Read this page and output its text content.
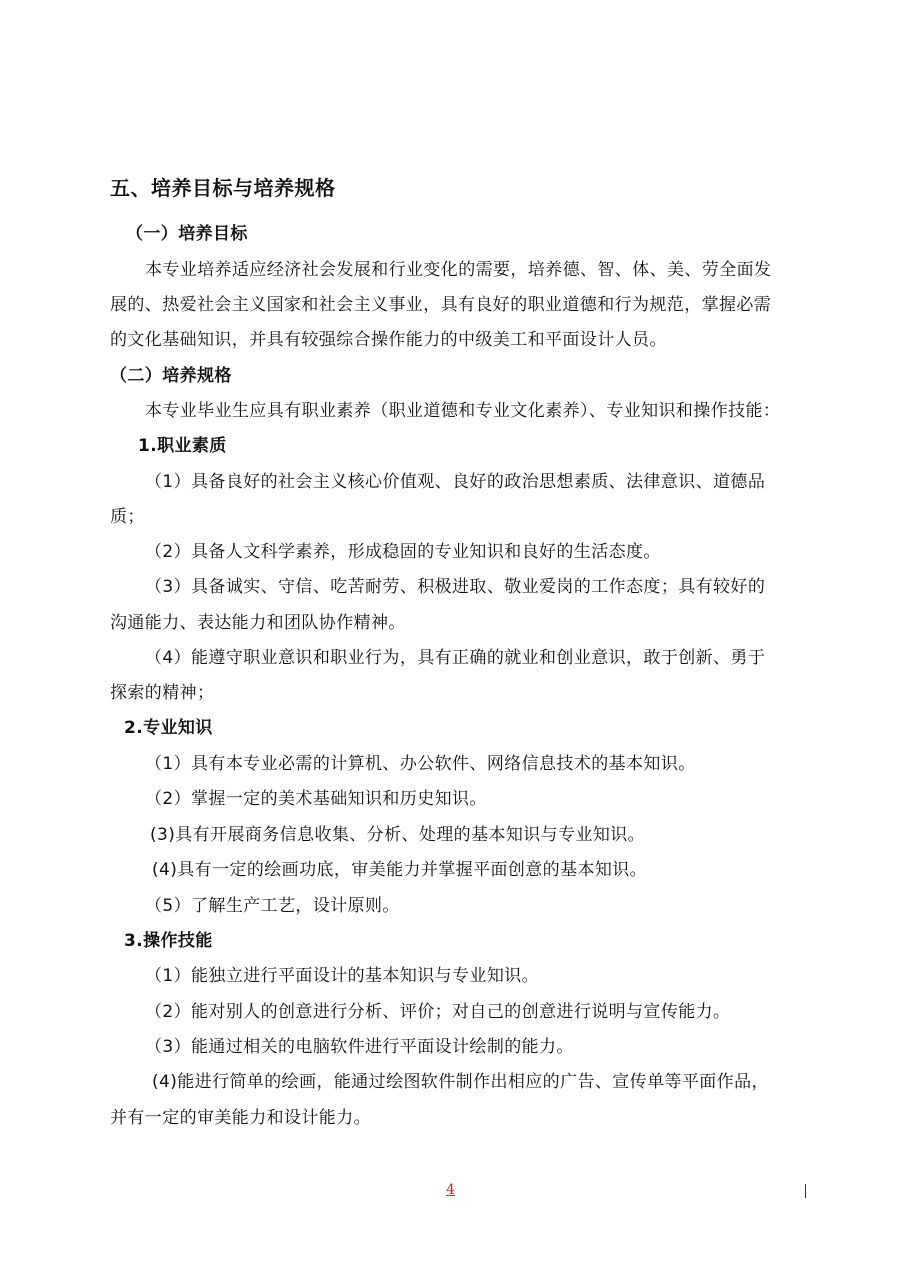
五、培养目标与培养规格
（一）培养目标
本专业培养适应经济社会发展和行业变化的需要，培养德、智、体、美、劳全面发
展的、热爱社会主义国家和社会主义事业，具有良好的职业道德和行为规范，掌握必需
的文化基础知识，并具有较强综合操作能力的中级美工和平面设计人员。
（二）培养规格
本专业毕业生应具有职业素养（职业道德和专业文化素养）、专业知识和操作技能：
1.职业素质
（1）具备良好的社会主义核心价值观、良好的政治思想素质、法律意识、道德品
质；
（2）具备人文科学素养，形成稳固的专业知识和良好的生活态度。
（3）具备诚实、守信、吃苦耐劳、积极进取、敬业爱岗的工作态度；具有较好的
沟通能力、表达能力和团队协作精神。
（4）能遵守职业意识和职业行为，具有正确的就业和创业意识，敢于创新、勇于
探索的精神；
2.专业知识
（1）具有本专业必需的计算机、办公软件、网络信息技术的基本知识。
（2）掌握一定的美术基础知识和历史知识。
(3)具有开展商务信息收集、分析、处理的基本知识与专业知识。
(4)具有一定的绘画功底，审美能力并掌握平面创意的基本知识。
（5）了解生产工艺，设计原则。
3.操作技能
（1）能独立进行平面设计的基本知识与专业知识。
（2）能对别人的创意进行分析、评价；对自己的创意进行说明与宣传能力。
（3）能通过相关的电脑软件进行平面设计绘制的能力。
(4)能进行简单的绘画，能通过绘图软件制作出相应的广告、宣传单等平面作品，
并有一定的审美能力和设计能力。
4
